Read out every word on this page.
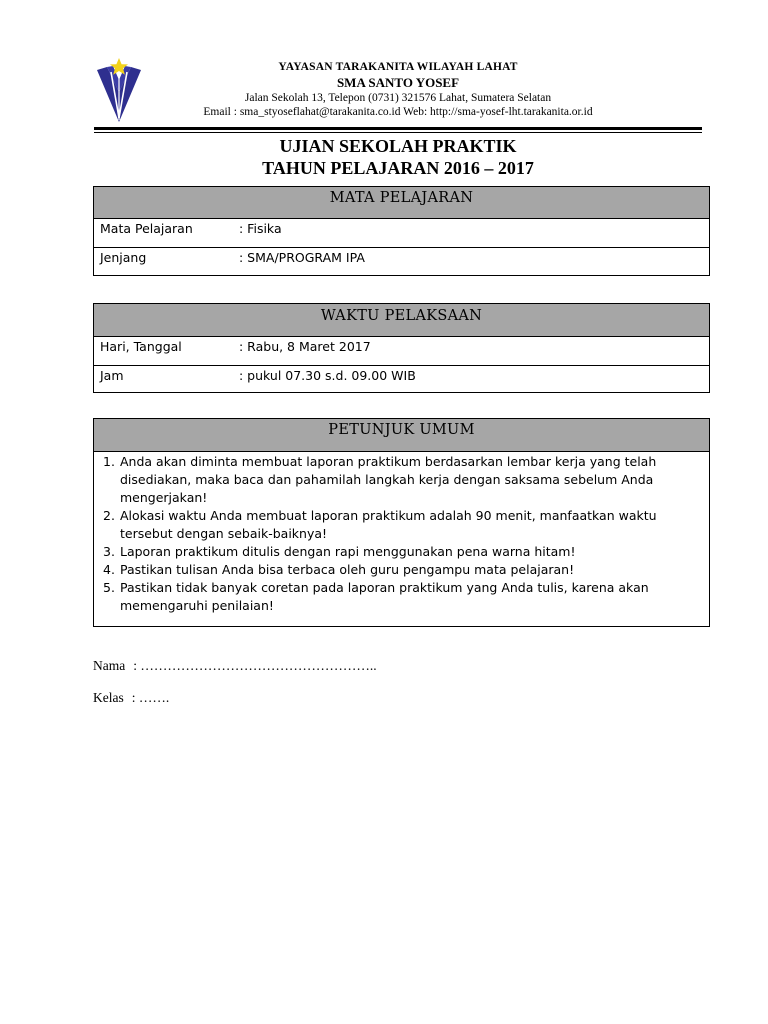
YAYASAN TARAKANITA WILAYAH LAHAT
SMA SANTO YOSEF
Jalan Sekolah 13, Telepon (0731) 321576 Lahat, Sumatera Selatan
Email : sma_styoseflahat@tarakanita.co.id Web: http://sma-yosef-lht.tarakanita.or.id
UJIAN SEKOLAH PRAKTIK
TAHUN PELAJARAN 2016 – 2017
MATA PELAJARAN
Mata Pelajaran	: Fisika
Jenjang	: SMA/PROGRAM IPA
WAKTU PELAKSAAN
Hari, Tanggal	: Rabu, 8 Maret 2017
Jam	: pukul 07.30 s.d. 09.00 WIB
PETUNJUK UMUM
1. Anda akan diminta membuat laporan praktikum berdasarkan lembar kerja yang telah disediakan, maka baca dan pahamilah langkah kerja dengan saksama sebelum Anda mengerjakan!
2. Alokasi waktu Anda membuat laporan praktikum adalah 90 menit, manfaatkan waktu tersebut dengan sebaik-baiknya!
3. Laporan praktikum ditulis dengan rapi menggunakan pena warna hitam!
4. Pastikan tulisan Anda bisa terbaca oleh guru pengampu mata pelajaran!
5. Pastikan tidak banyak coretan pada laporan praktikum yang Anda tulis, karena akan memengaruhi penilaian!
Nama : ……………………………………………..
Kelas : …….
